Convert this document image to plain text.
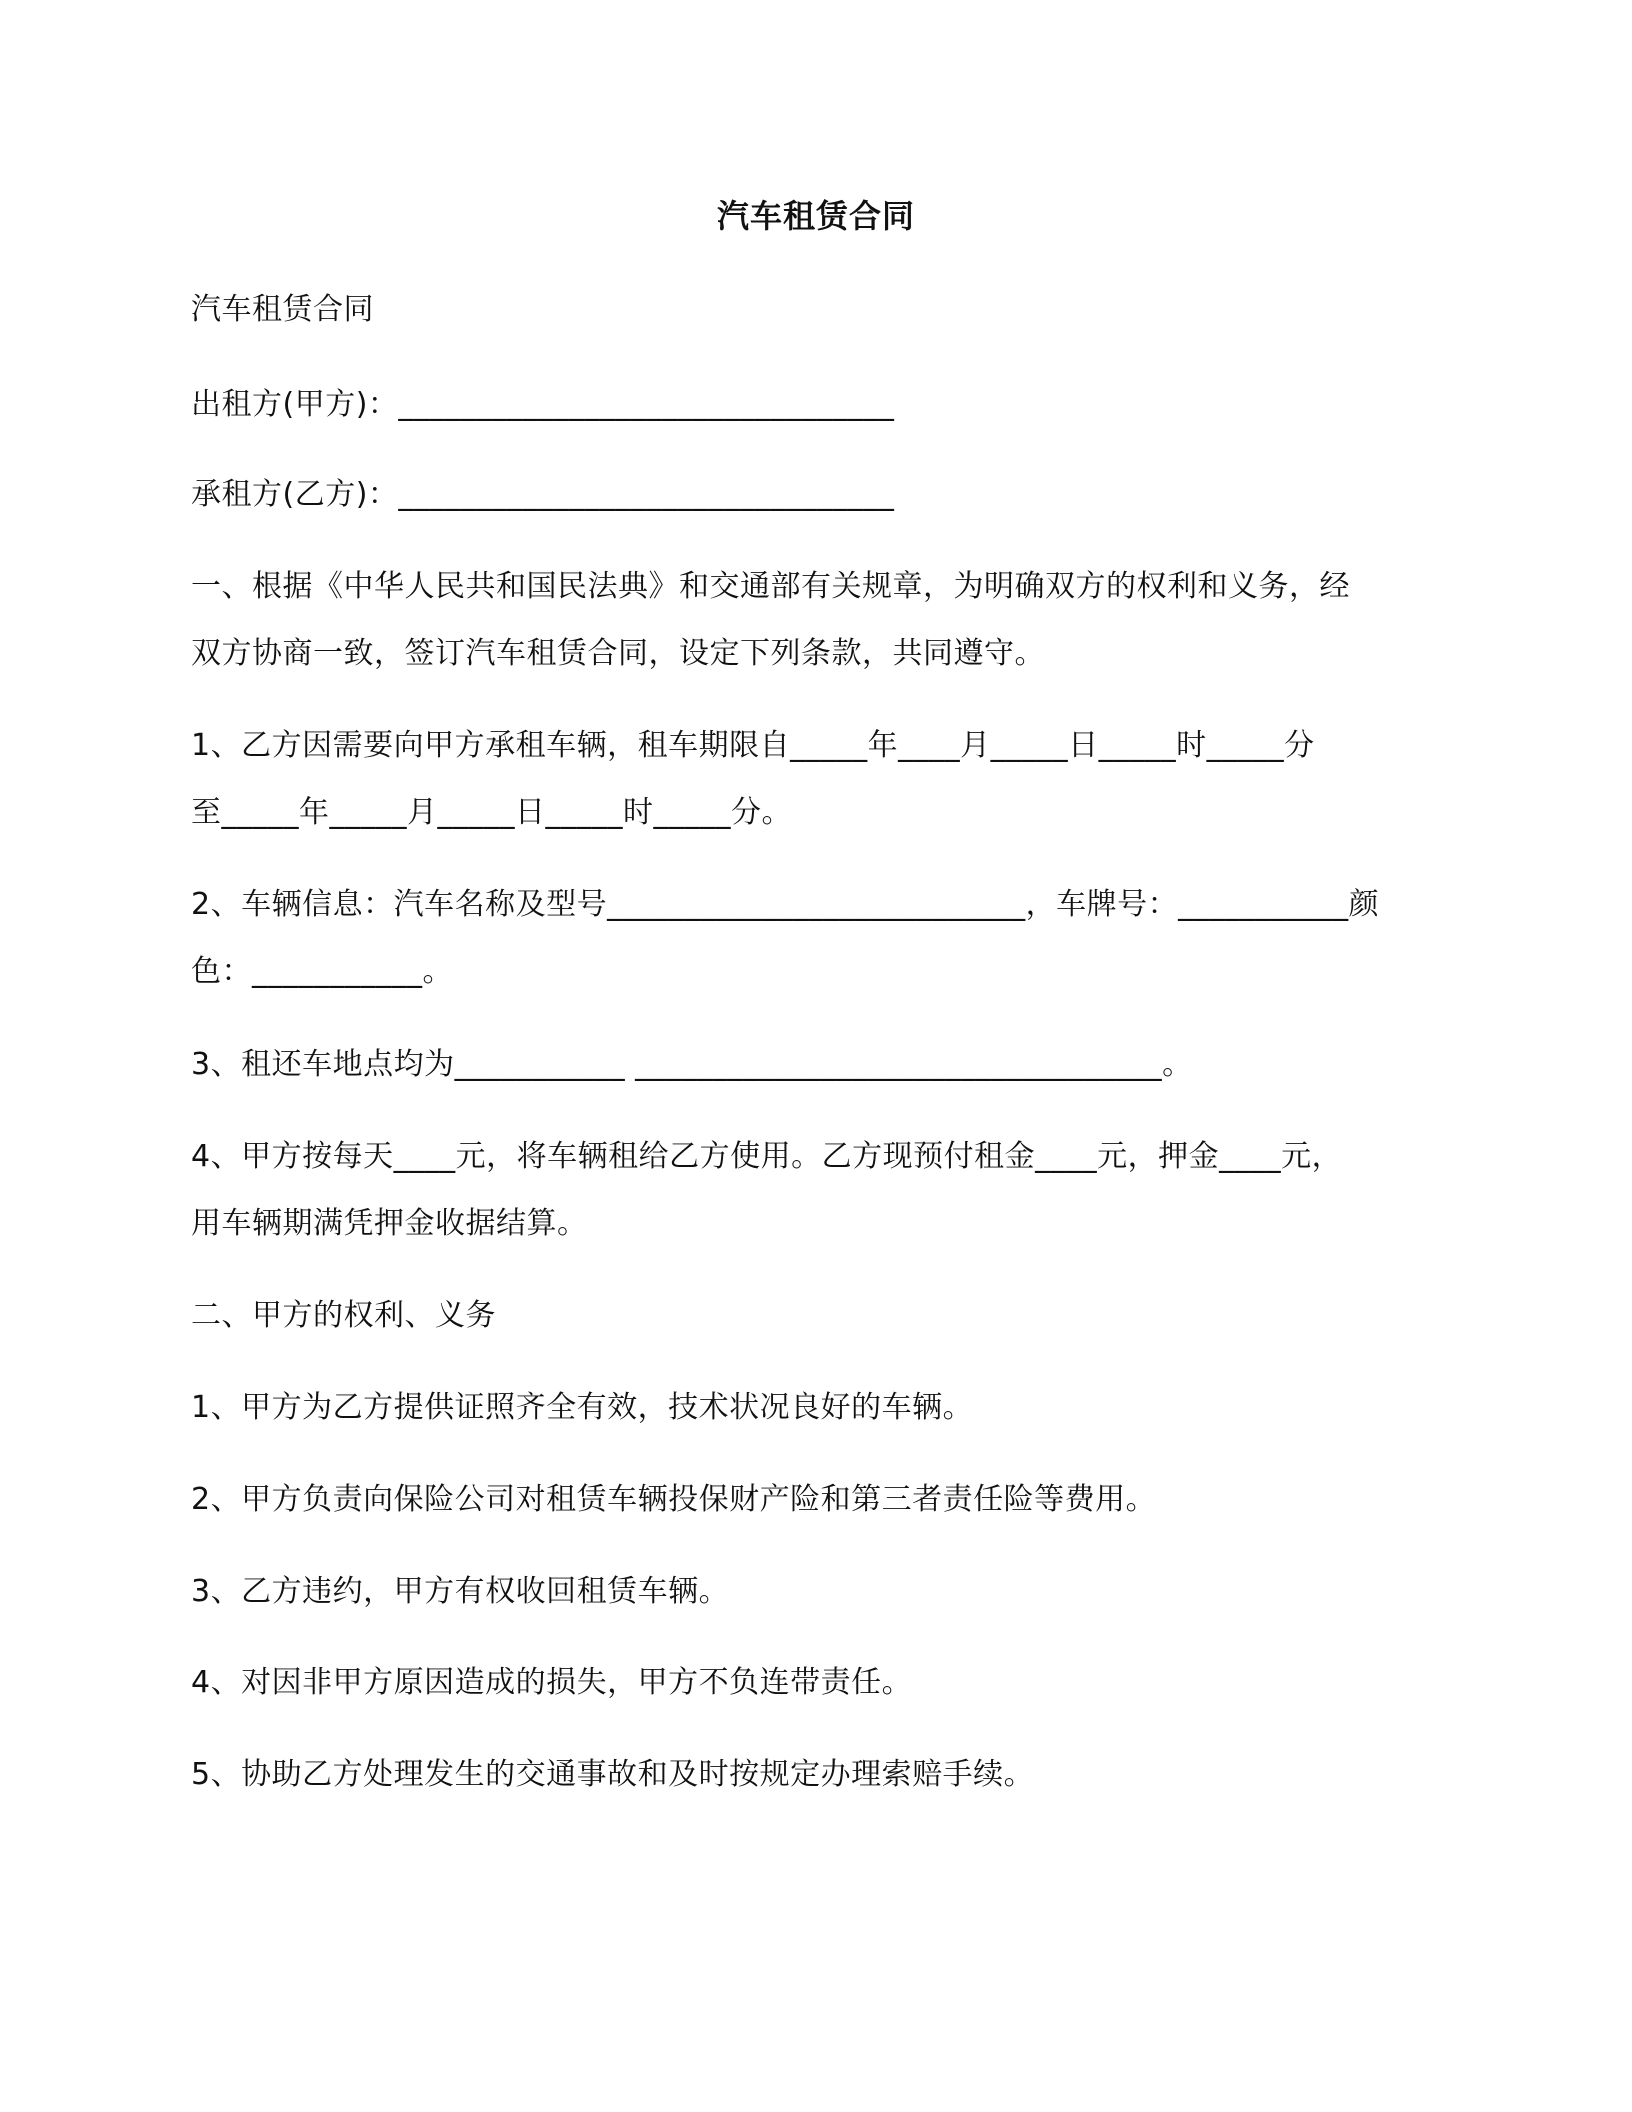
汽车租赁合同
汽车租赁合同
出租方(甲方)：________________________________
承租方(乙方)：________________________________
一、根据《中华人民共和国民法典》和交通部有关规章，为明确双方的权利和义务，经
双方协商一致，签订汽车租赁合同，设定下列条款，共同遵守。
1、乙方因需要向甲方承租车辆，租车期限自_____年____月_____日_____时_____分
至_____年_____月_____日_____时_____分。
2、车辆信息：汽车名称及型号___________________________，车牌号：___________颜
色：___________。
3、租还车地点均为___________ __________________________________。
4、甲方按每天____元，将车辆租给乙方使用。乙方现预付租金____元，押金____元，
用车辆期满凭押金收据结算。
二、甲方的权利、义务
1、甲方为乙方提供证照齐全有效，技术状况良好的车辆。
2、甲方负责向保险公司对租赁车辆投保财产险和第三者责任险等费用。
3、乙方违约，甲方有权收回租赁车辆。
4、对因非甲方原因造成的损失，甲方不负连带责任。
5、协助乙方处理发生的交通事故和及时按规定办理索赔手续。
